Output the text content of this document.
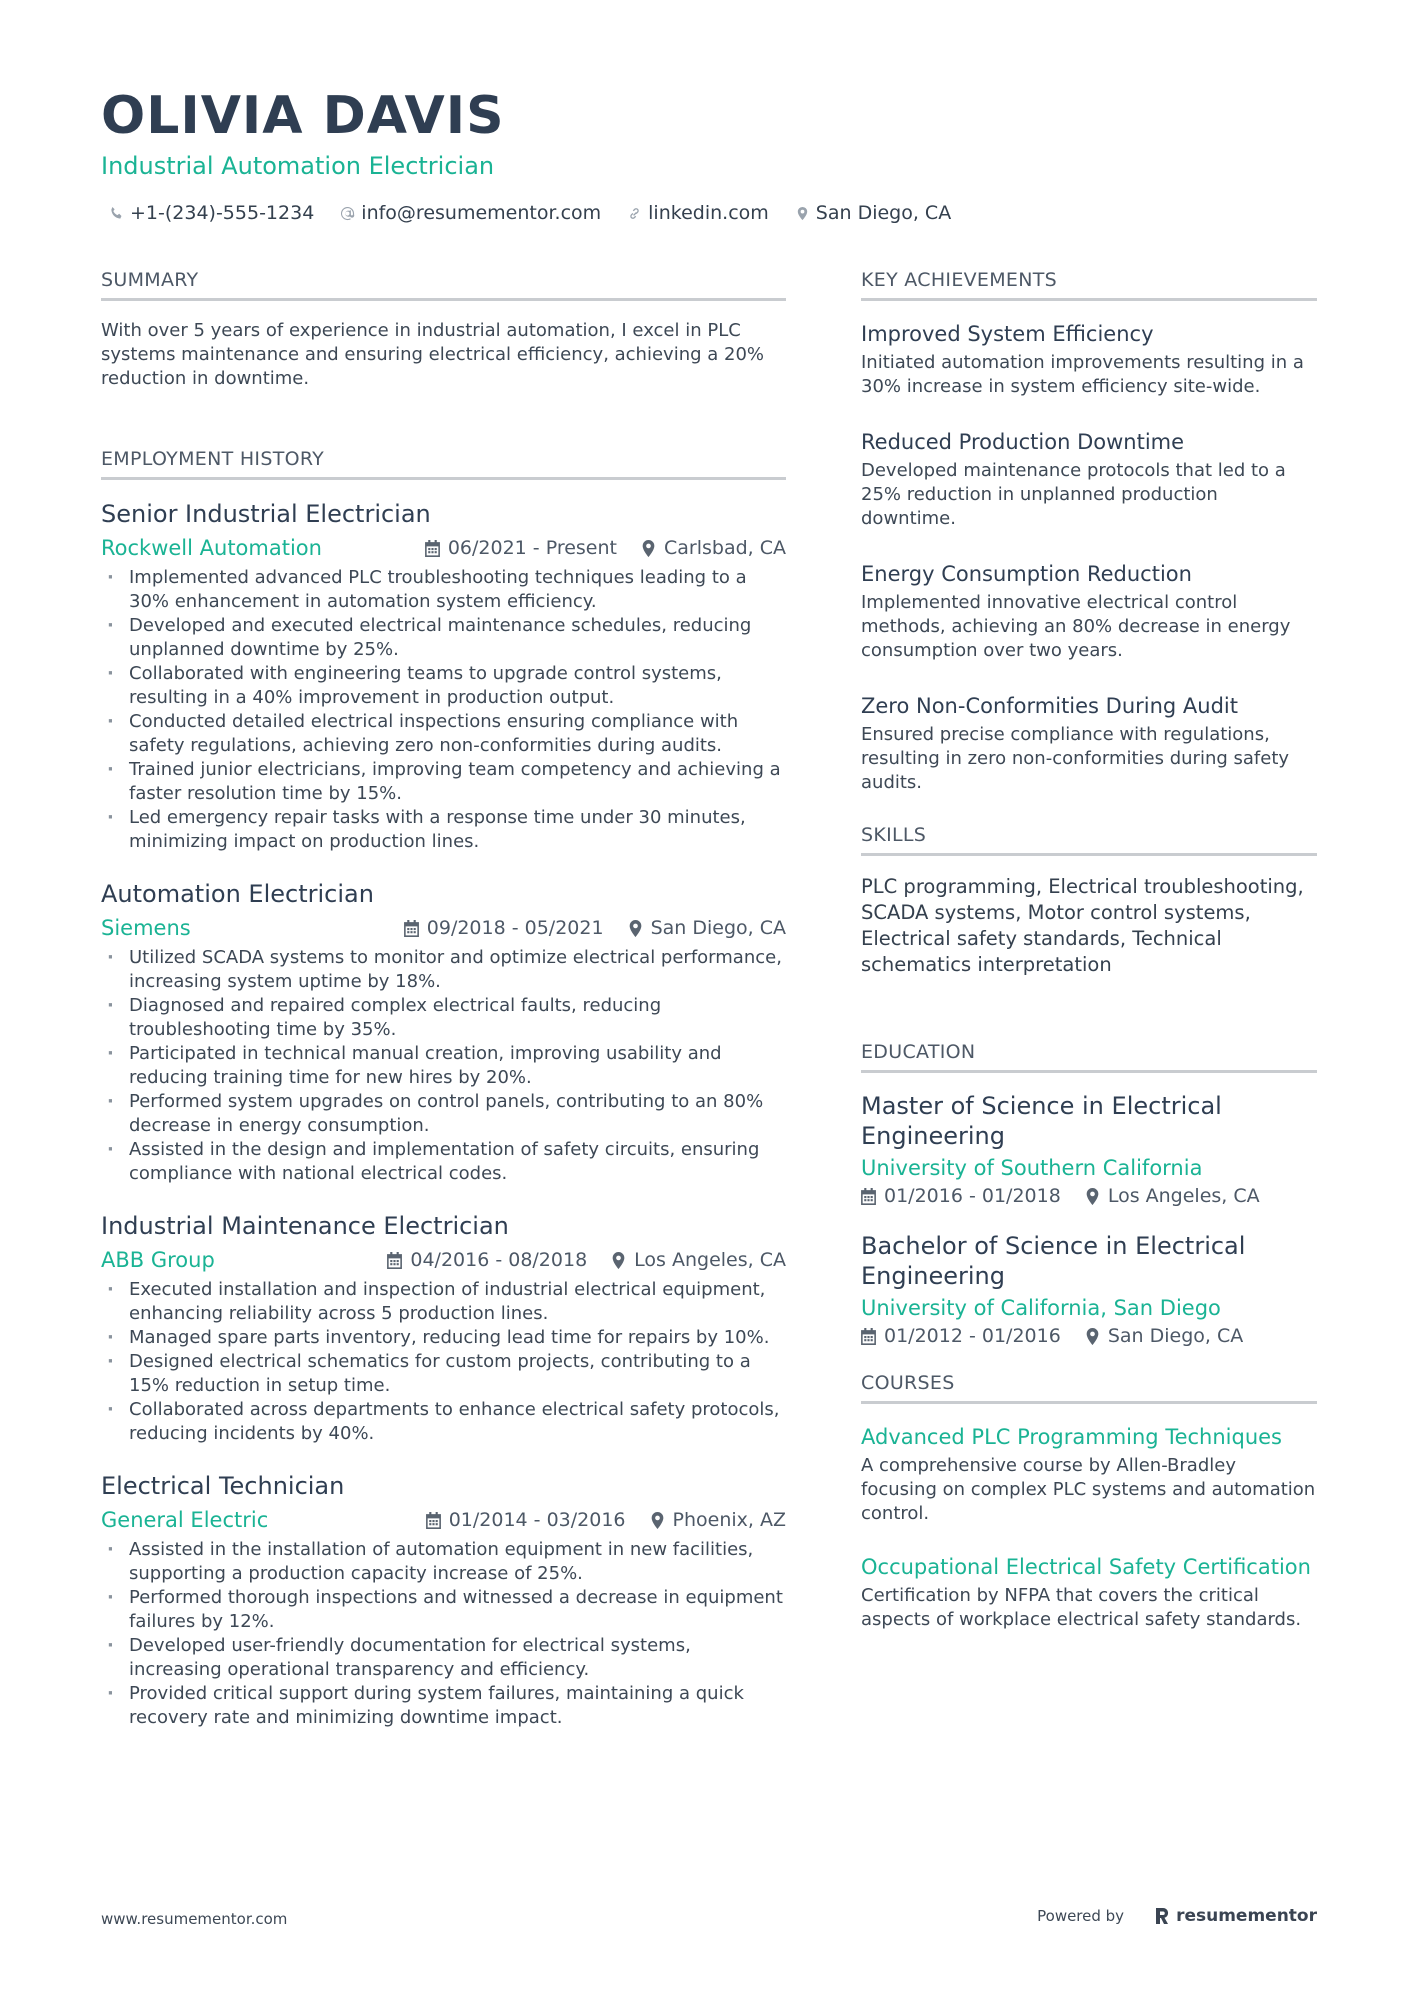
OLIVIA DAVIS
Industrial Automation Electrician
+1-(234)-555-1234 info@resumementor.com linkedin.com San Diego, CA
SUMMARY
With over 5 years of experience in industrial automation, I excel in PLC systems maintenance and ensuring electrical efficiency, achieving a 20% reduction in downtime.
EMPLOYMENT HISTORY
Senior Industrial Electrician
Rockwell Automation	06/2021 - Present Carlsbad, CA
· Implemented advanced PLC troubleshooting techniques leading to a 30% enhancement in automation system efficiency.
· Developed and executed electrical maintenance schedules, reducing unplanned downtime by 25%.
· Collaborated with engineering teams to upgrade control systems, resulting in a 40% improvement in production output.
· Conducted detailed electrical inspections ensuring compliance with safety regulations, achieving zero non-conformities during audits.
· Trained junior electricians, improving team competency and achieving a faster resolution time by 15%.
· Led emergency repair tasks with a response time under 30 minutes, minimizing impact on production lines.
Automation Electrician
Siemens	09/2018 - 05/2021 San Diego, CA
· Utilized SCADA systems to monitor and optimize electrical performance, increasing system uptime by 18%.
· Diagnosed and repaired complex electrical faults, reducing troubleshooting time by 35%.
· Participated in technical manual creation, improving usability and reducing training time for new hires by 20%.
· Performed system upgrades on control panels, contributing to an 80% decrease in energy consumption.
· Assisted in the design and implementation of safety circuits, ensuring compliance with national electrical codes.
Industrial Maintenance Electrician
ABB Group	04/2016 - 08/2018 Los Angeles, CA
· Executed installation and inspection of industrial electrical equipment, enhancing reliability across 5 production lines.
· Managed spare parts inventory, reducing lead time for repairs by 10%.
· Designed electrical schematics for custom projects, contributing to a 15% reduction in setup time.
· Collaborated across departments to enhance electrical safety protocols, reducing incidents by 40%.
Electrical Technician
General Electric	01/2014 - 03/2016 Phoenix, AZ
· Assisted in the installation of automation equipment in new facilities, supporting a production capacity increase of 25%.
· Performed thorough inspections and witnessed a decrease in equipment failures by 12%.
· Developed user-friendly documentation for electrical systems, increasing operational transparency and efficiency.
· Provided critical support during system failures, maintaining a quick recovery rate and minimizing downtime impact.
KEY ACHIEVEMENTS
Improved System Efficiency
Initiated automation improvements resulting in a 30% increase in system efficiency site-wide.
Reduced Production Downtime
Developed maintenance protocols that led to a 25% reduction in unplanned production downtime.
Energy Consumption Reduction
Implemented innovative electrical control methods, achieving an 80% decrease in energy consumption over two years.
Zero Non-Conformities During Audit
Ensured precise compliance with regulations, resulting in zero non-conformities during safety audits.
SKILLS
PLC programming, Electrical troubleshooting, SCADA systems, Motor control systems, Electrical safety standards, Technical schematics interpretation
EDUCATION
Master of Science in Electrical Engineering
University of Southern California
01/2016 - 01/2018 Los Angeles, CA
Bachelor of Science in Electrical Engineering
University of California, San Diego
01/2012 - 01/2016 San Diego, CA
COURSES
Advanced PLC Programming Techniques
A comprehensive course by Allen-Bradley focusing on complex PLC systems and automation control.
Occupational Electrical Safety Certification
Certification by NFPA that covers the critical aspects of workplace electrical safety standards.
www.resumementor.com	Powered by	resumementor
